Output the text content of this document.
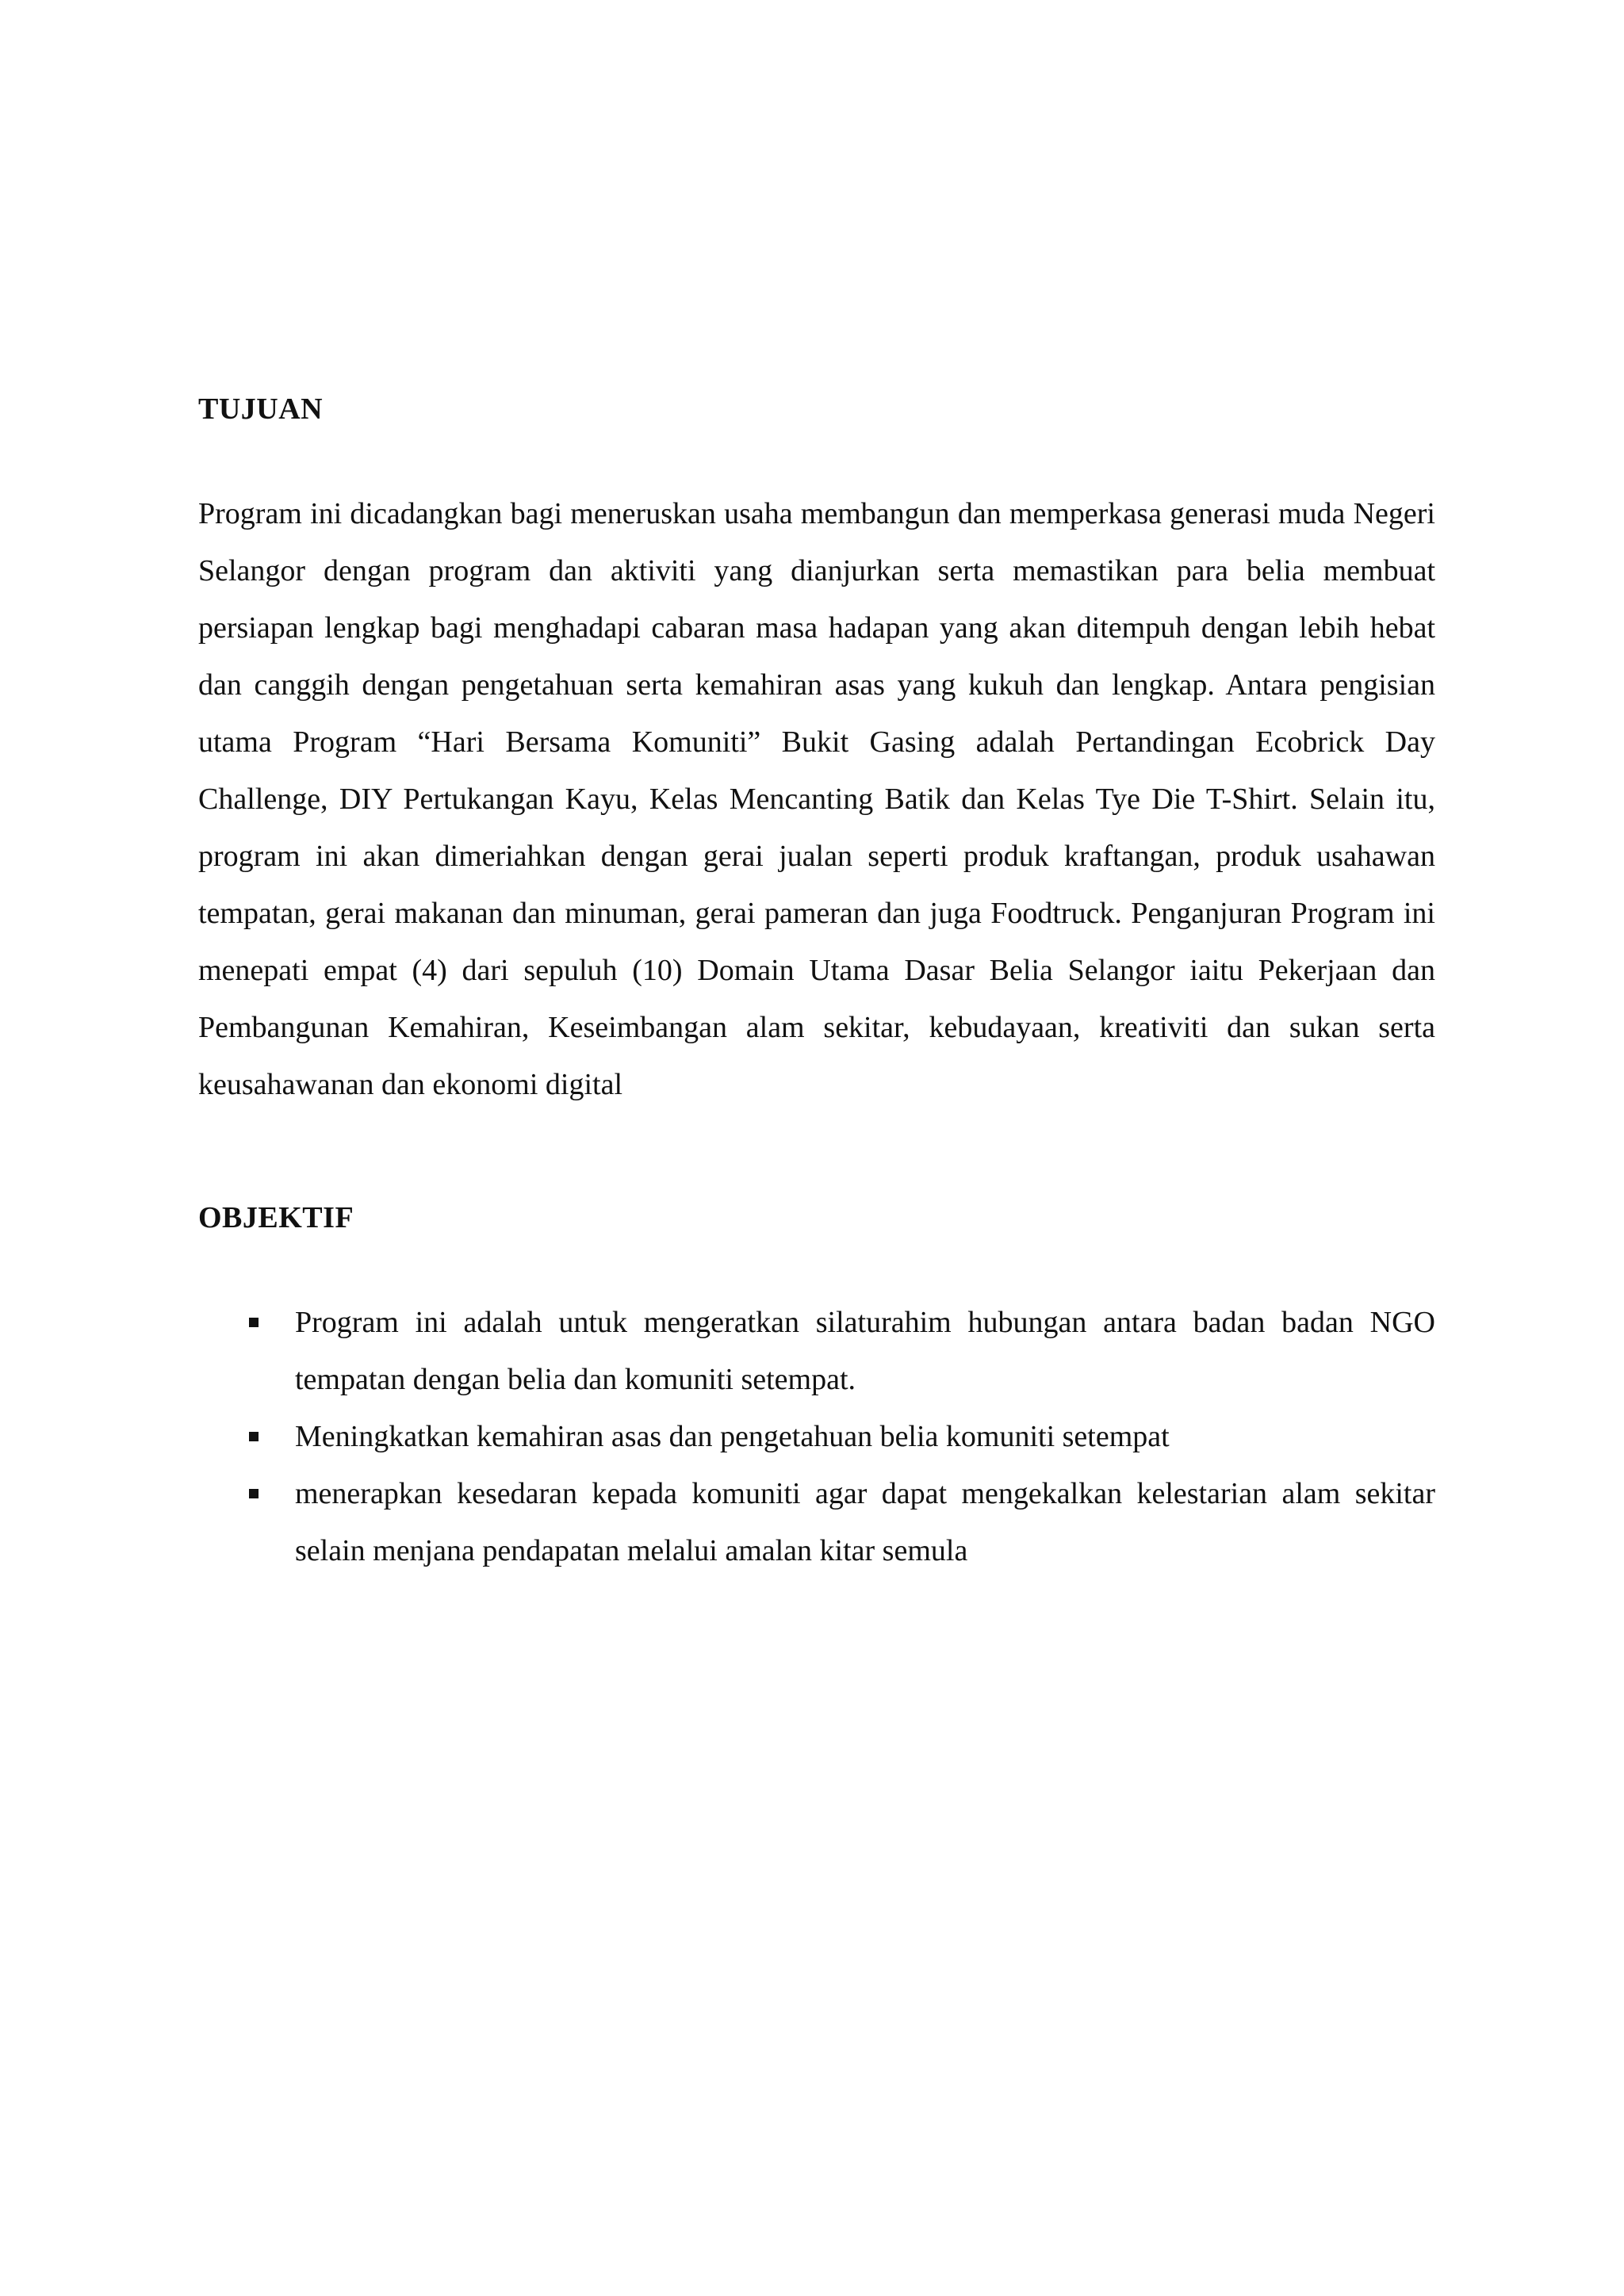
TUJUAN

Program ini dicadangkan bagi meneruskan usaha membangun dan memperkasa generasi muda Negeri Selangor dengan program dan aktiviti yang dianjurkan serta memastikan para belia membuat persiapan lengkap bagi menghadapi cabaran masa hadapan yang akan ditempuh dengan lebih hebat dan canggih dengan pengetahuan serta kemahiran asas yang kukuh dan lengkap. Antara pengisian utama Program “Hari Bersama Komuniti” Bukit Gasing adalah Pertandingan Ecobrick Day Challenge, DIY Pertukangan Kayu, Kelas Mencanting Batik dan Kelas Tye Die T-Shirt. Selain itu, program ini akan dimeriahkan dengan gerai jualan seperti produk kraftangan, produk usahawan tempatan, gerai makanan dan minuman, gerai pameran dan juga Foodtruck. Penganjuran Program ini menepati empat (4) dari sepuluh (10) Domain Utama Dasar Belia Selangor iaitu Pekerjaan dan Pembangunan Kemahiran, Keseimbangan alam sekitar, kebudayaan, kreativiti dan sukan serta keusahawanan dan ekonomi digital

OBJEKTIF
Program ini adalah untuk mengeratkan silaturahim hubungan antara badan badan NGO tempatan dengan belia dan komuniti setempat.
Meningkatkan kemahiran asas dan pengetahuan belia komuniti setempat
menerapkan kesedaran kepada komuniti agar dapat mengekalkan kelestarian alam sekitar selain menjana pendapatan melalui amalan kitar semula
